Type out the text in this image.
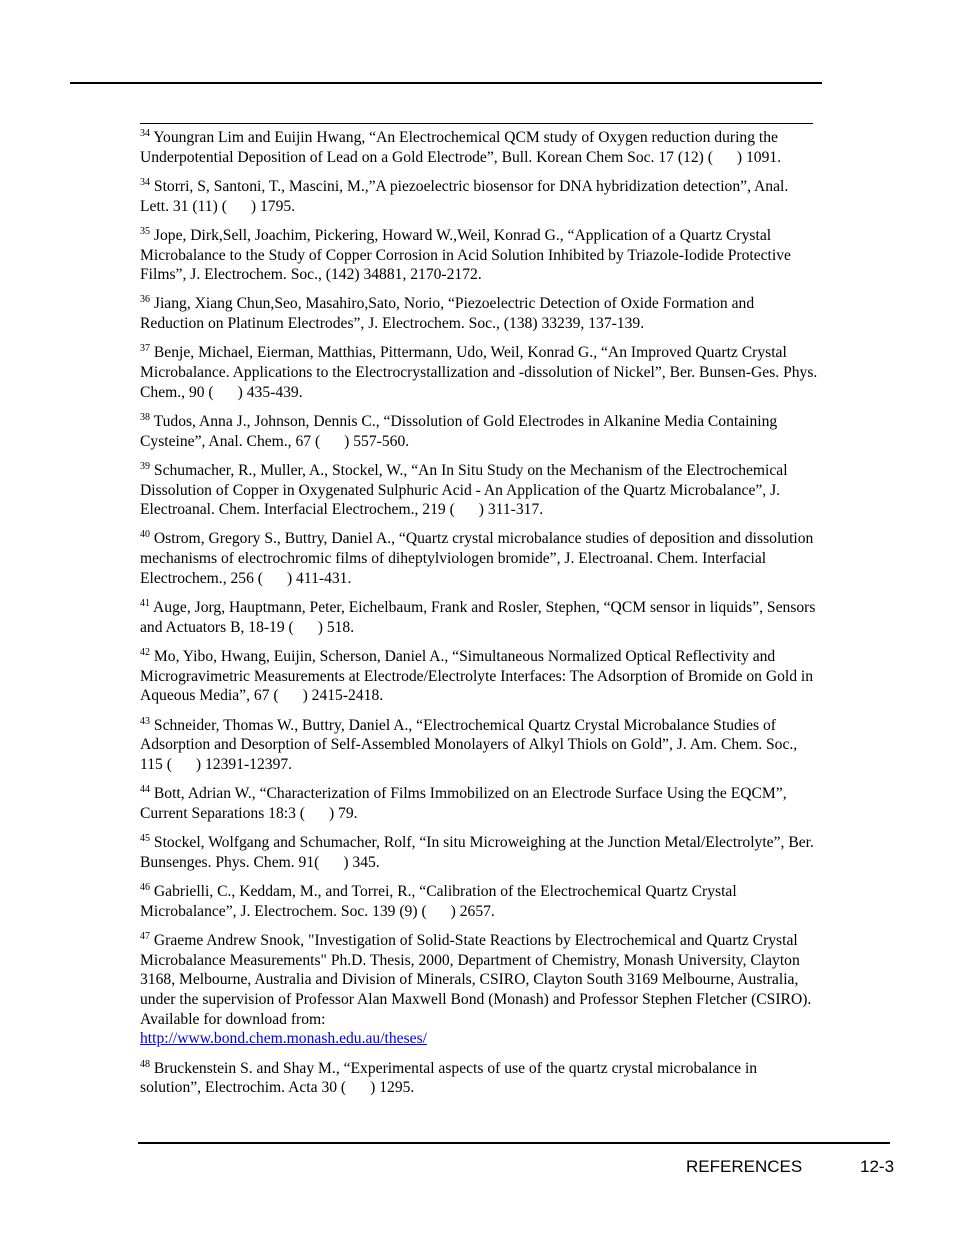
$^{34}$ Youngran Lim and Euijin Hwang, “An Electrochemical QCM study of Oxygen reduction during the Underpotential Deposition of Lead on a Gold Electrode”, Bull. Korean Chem Soc. 17 (12) ( ) 1091.

$^{34}$ Storri, S, Santoni, T., Mascini, M.,”A piezoelectric biosensor for DNA hybridization detection”, Anal. Lett. 31 (11) ( ) 1795.

$^{35}$ Jope, Dirk,Sell, Joachim, Pickering, Howard W.,Weil, Konrad G., “Application of a Quartz Crystal Microbalance to the Study of Copper Corrosion in Acid Solution Inhibited by Triazole-Iodide Protective Films”, J. Electrochem. Soc., (142) 34881, 2170-2172.

$^{36}$ Jiang, Xiang Chun,Seo, Masahiro,Sato, Norio, “Piezoelectric Detection of Oxide Formation and Reduction on Platinum Electrodes”, J. Electrochem. Soc., (138) 33239, 137-139.

$^{37}$ Benje, Michael, Eierman, Matthias, Pittermann, Udo, Weil, Konrad G., “An Improved Quartz Crystal Microbalance. Applications to the Electrocrystallization and -dissolution of Nickel”, Ber. Bunsen-Ges. Phys. Chem., 90 ( ) 435-439.

$^{38}$ Tudos, Anna J., Johnson, Dennis C., “Dissolution of Gold Electrodes in Alkanine Media Containing Cysteine”, Anal. Chem., 67 ( ) 557-560.

$^{39}$ Schumacher, R., Muller, A., Stockel, W., “An In Situ Study on the Mechanism of the Electrochemical Dissolution of Copper in Oxygenated Sulphuric Acid - An Application of the Quartz Microbalance”, J. Electroanal. Chem. Interfacial Electrochem., 219 ( ) 311-317.

$^{40}$ Ostrom, Gregory S., Buttry, Daniel A., “Quartz crystal microbalance studies of deposition and dissolution mechanisms of electrochromic films of diheptylviologen bromide”, J. Electroanal. Chem. Interfacial Electrochem., 256 ( ) 411-431.

$^{41}$ Auge, Jorg, Hauptmann, Peter, Eichelbaum, Frank and Rosler, Stephen, “QCM sensor in liquids”, Sensors and Actuators B, 18-19 ( ) 518.

$^{42}$ Mo, Yibo, Hwang, Euijin, Scherson, Daniel A., “Simultaneous Normalized Optical Reflectivity and Microgravimetric Measurements at Electrode/Electrolyte Interfaces: The Adsorption of Bromide on Gold in Aqueous Media”, 67 ( ) 2415-2418.

$^{43}$ Schneider, Thomas W., Buttry, Daniel A., “Electrochemical Quartz Crystal Microbalance Studies of Adsorption and Desorption of Self-Assembled Monolayers of Alkyl Thiols on Gold”, J. Am. Chem. Soc., 115 ( ) 12391-12397.

$^{44}$ Bott, Adrian W., “Characterization of Films Immobilized on an Electrode Surface Using the EQCM”, Current Separations 18:3 ( ) 79.

$^{45}$ Stockel, Wolfgang and Schumacher, Rolf, “In situ Microweighing at the Junction Metal/Electrolyte”, Ber. Bunsenges. Phys. Chem. 91( ) 345.

$^{46}$ Gabrielli, C., Keddam, M., and Torrei, R., “Calibration of the Electrochemical Quartz Crystal Microbalance”, J. Electrochem. Soc. 139 (9) ( ) 2657.

$^{47}$ Graeme Andrew Snook, "Investigation of Solid-State Reactions by Electrochemical and Quartz Crystal Microbalance Measurements" Ph.D. Thesis, 2000, Department of Chemistry, Monash University, Clayton 3168, Melbourne, Australia and Division of Minerals, CSIRO, Clayton South 3169 Melbourne, Australia, under the supervision of Professor Alan Maxwell Bond (Monash) and Professor Stephen Fletcher (CSIRO). Available for download from:
http://www.bond.chem.monash.edu.au/theses/

$^{48}$ Bruckenstein S. and Shay M., “Experimental aspects of use of the quartz crystal microbalance in solution”, Electrochim. Acta 30 ( ) 1295.

REFERENCES	12-3
